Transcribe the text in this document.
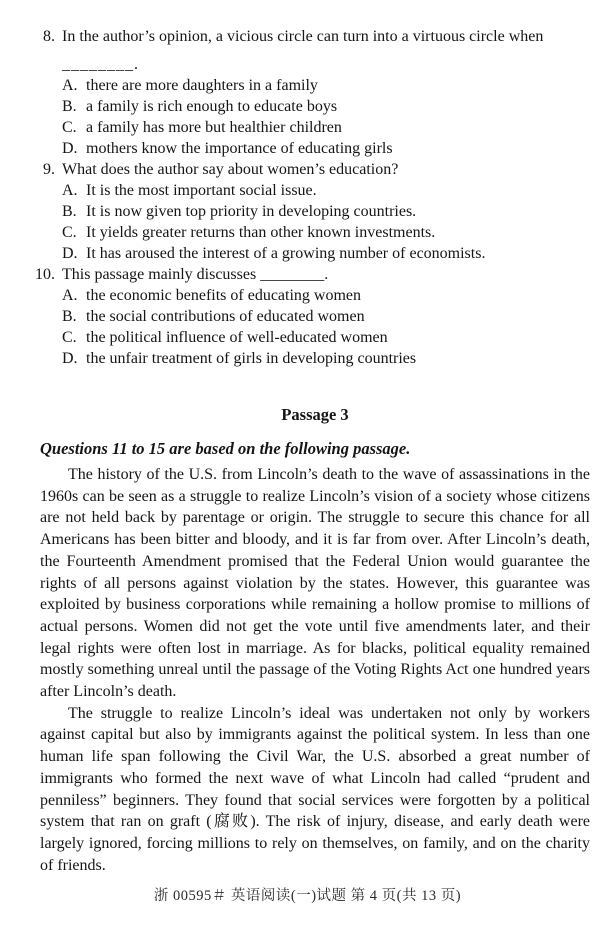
8. In the author’s opinion, a vicious circle can turn into a virtuous circle when
________.
A. there are more daughters in a family
B. a family is rich enough to educate boys
C. a family has more but healthier children
D. mothers know the importance of educating girls
9. What does the author say about women’s education?
A. It is the most important social issue.
B. It is now given top priority in developing countries.
C. It yields greater returns than other known investments.
D. It has aroused the interest of a growing number of economists.
10. This passage mainly discusses ________.
A. the economic benefits of educating women
B. the social contributions of educated women
C. the political influence of well-educated women
D. the unfair treatment of girls in developing countries
Passage 3
Questions 11 to 15 are based on the following passage.

The history of the U.S. from Lincoln’s death to the wave of assassinations in the 1960s can be seen as a struggle to realize Lincoln’s vision of a society whose citizens are not held back by parentage or origin. The struggle to secure this chance for all Americans has been bitter and bloody, and it is far from over. After Lincoln’s death, the Fourteenth Amendment promised that the Federal Union would guarantee the rights of all persons against violation by the states. However, this guarantee was exploited by business corporations while remaining a hollow promise to millions of actual persons. Women did not get the vote until five amendments later, and their legal rights were often lost in marriage. As for blacks, political equality remained mostly something unreal until the passage of the Voting Rights Act one hundred years after Lincoln’s death.

The struggle to realize Lincoln’s ideal was undertaken not only by workers against capital but also by immigrants against the political system. In less than one human life span following the Civil War, the U.S. absorbed a great number of immigrants who formed the next wave of what Lincoln had called “prudent and penniless” beginners. They found that social services were forgotten by a political system that ran on graft (腐败). The risk of injury, disease, and early death were largely ignored, forcing millions to rely on themselves, on family, and on the charity of friends.

浙 00595＃ 英语阅读(一)试题 第 4 页(共 13 页)
